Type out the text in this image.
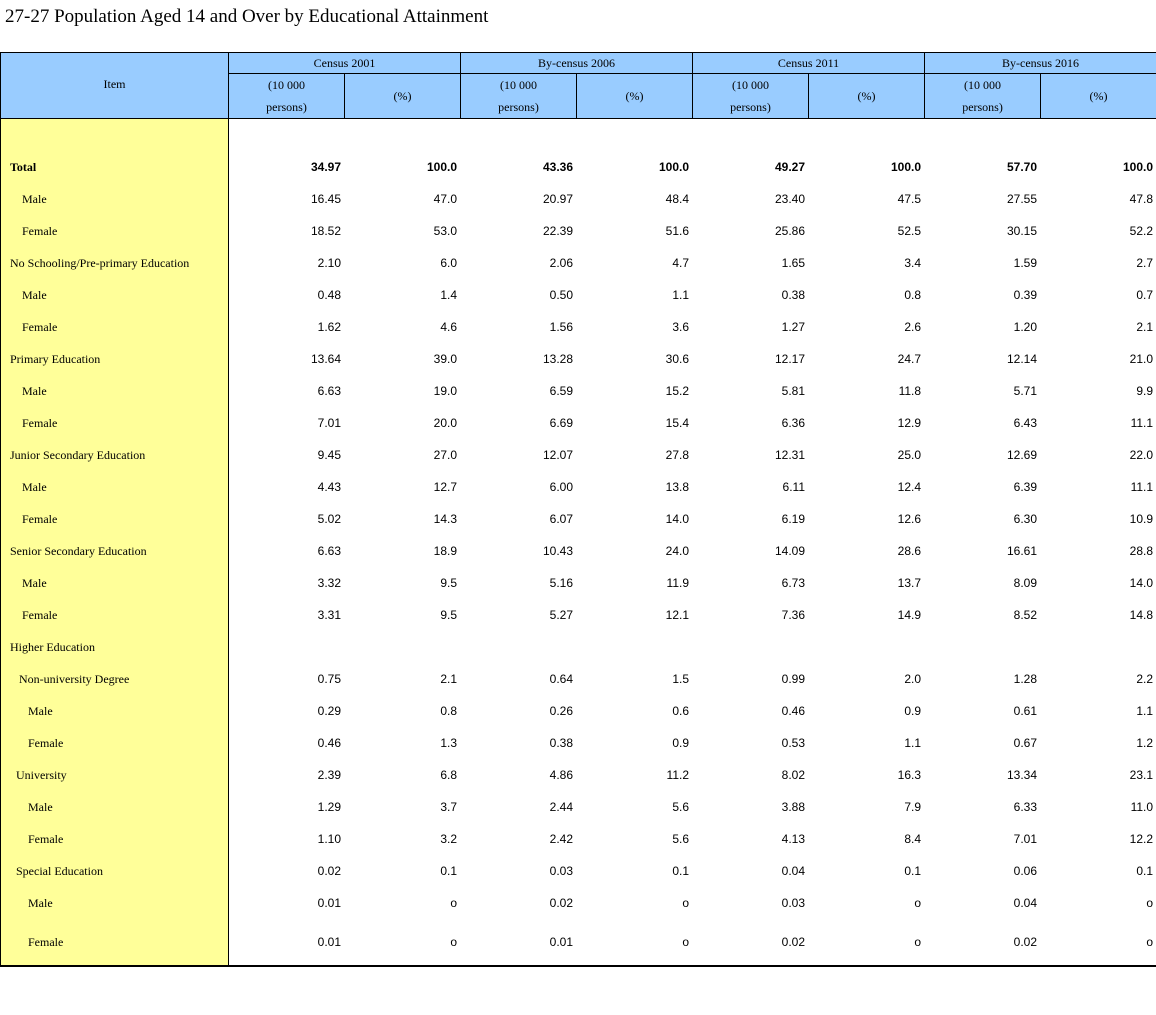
27-27 Population Aged 14 and Over by Educational Attainment
Item	Census 2001		By-census 2006		Census 2011		By-census 2016	
	(10 000
persons)	(%)	(10 000
persons)	(%)	(10 000
persons)	(%)	(10 000
persons)	(%)

Total	34.97	100.0	43.36	100.0	49.27	100.0	57.70	100.0
Male	16.45	47.0	20.97	48.4	23.40	47.5	27.55	47.8
Female	18.52	53.0	22.39	51.6	25.86	52.5	30.15	52.2
No Schooling/Pre-primary Education	2.10	6.0	2.06	4.7	1.65	3.4	1.59	2.7
Male	0.48	1.4	0.50	1.1	0.38	0.8	0.39	0.7
Female	1.62	4.6	1.56	3.6	1.27	2.6	1.20	2.1
Primary Education	13.64	39.0	13.28	30.6	12.17	24.7	12.14	21.0
Male	6.63	19.0	6.59	15.2	5.81	11.8	5.71	9.9
Female	7.01	20.0	6.69	15.4	6.36	12.9	6.43	11.1
Junior Secondary Education	9.45	27.0	12.07	27.8	12.31	25.0	12.69	22.0
Male	4.43	12.7	6.00	13.8	6.11	12.4	6.39	11.1
Female	5.02	14.3	6.07	14.0	6.19	12.6	6.30	10.9
Senior Secondary Education	6.63	18.9	10.43	24.0	14.09	28.6	16.61	28.8
Male	3.32	9.5	5.16	11.9	6.73	13.7	8.09	14.0
Female	3.31	9.5	5.27	12.1	7.36	14.9	8.52	14.8
Higher Education								
Non-university Degree	0.75	2.1	0.64	1.5	0.99	2.0	1.28	2.2
Male	0.29	0.8	0.26	0.6	0.46	0.9	0.61	1.1
Female	0.46	1.3	0.38	0.9	0.53	1.1	0.67	1.2
University	2.39	6.8	4.86	11.2	8.02	16.3	13.34	23.1
Male	1.29	3.7	2.44	5.6	3.88	7.9	6.33	11.0
Female	1.10	3.2	2.42	5.6	4.13	8.4	7.01	12.2
Special Education	0.02	0.1	0.03	0.1	0.04	0.1	0.06	0.1
Male	0.01	o	0.02	o	0.03	o	0.04	o
Female	0.01	o	0.01	o	0.02	o	0.02	o
